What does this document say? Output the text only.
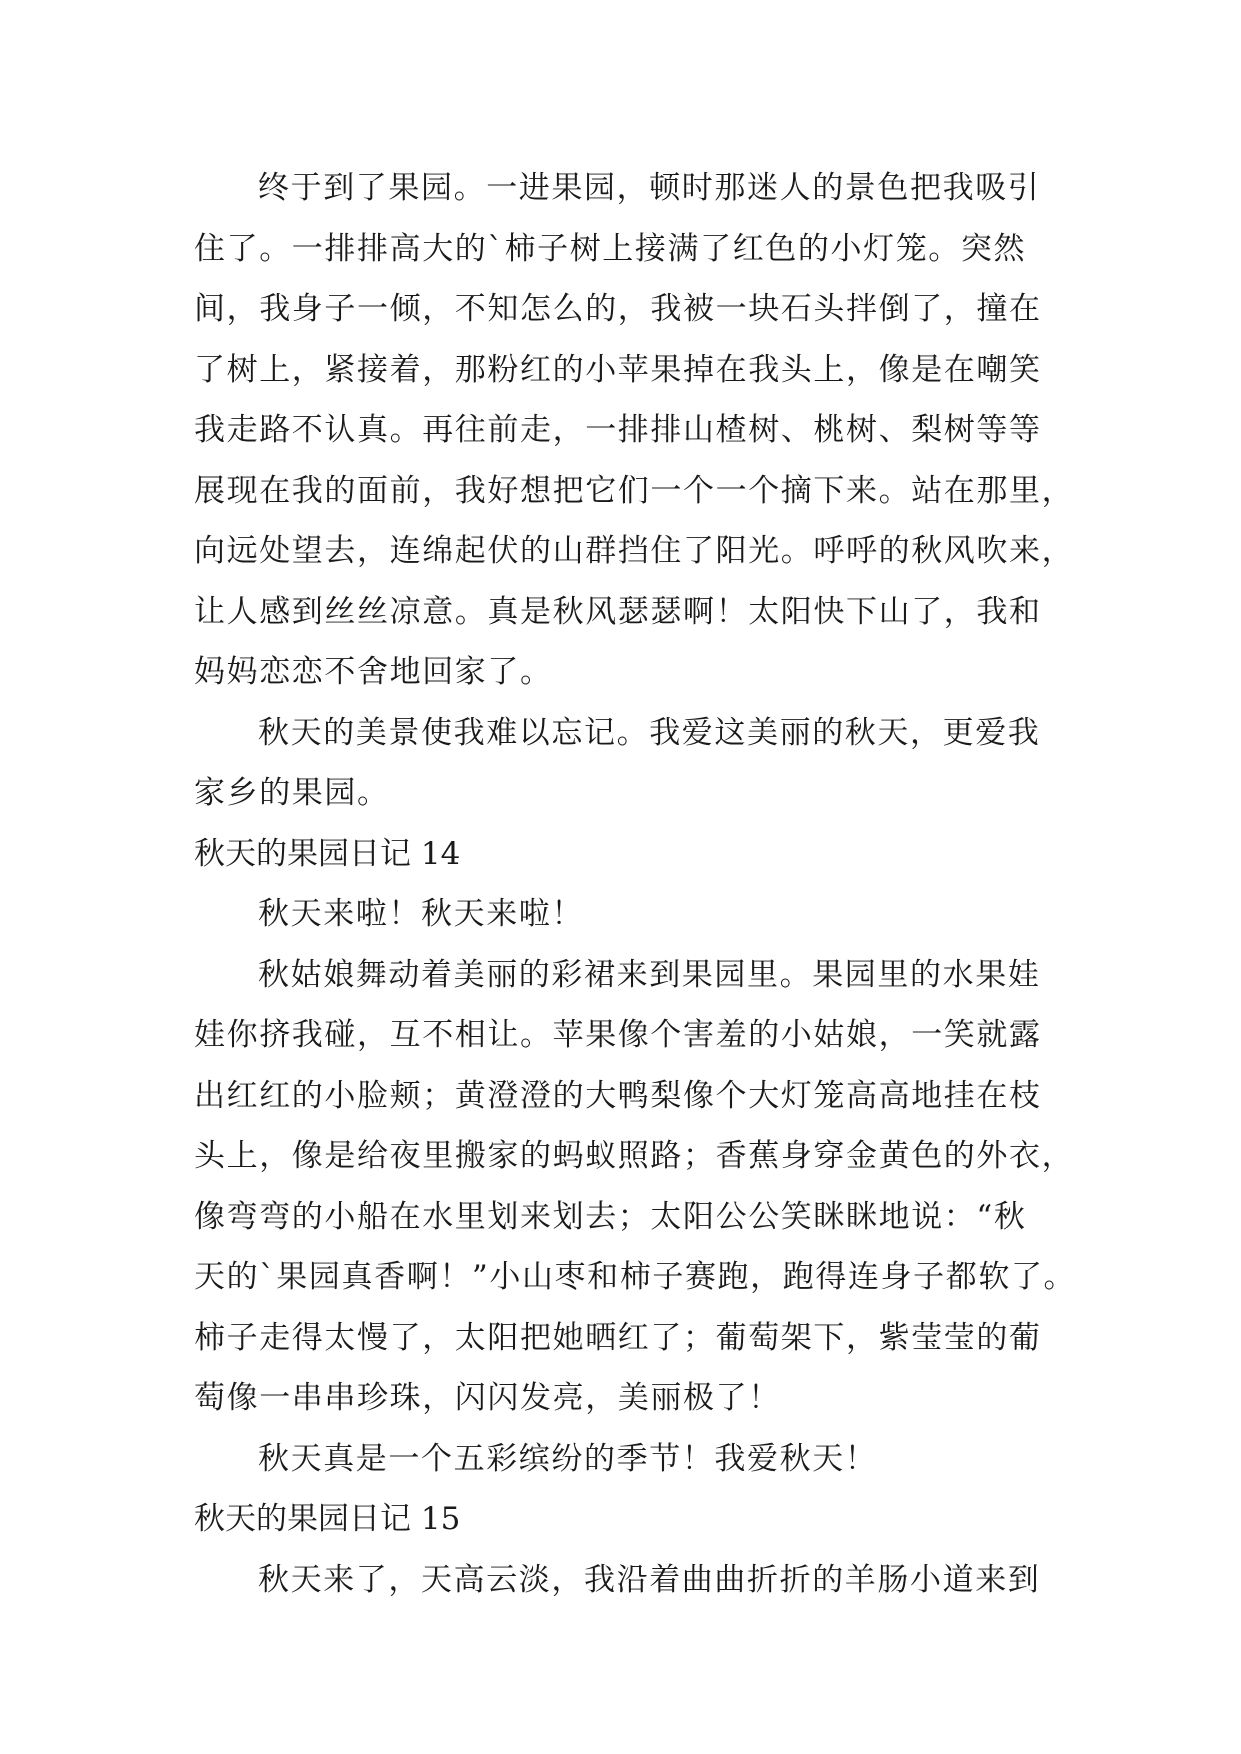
终于到了果园。一进果园，顿时那迷人的景色把我吸引
住了。一排排高大的`柿子树上接满了红色的小灯笼。突然
间，我身子一倾，不知怎么的，我被一块石头拌倒了，撞在
了树上，紧接着，那粉红的小苹果掉在我头上，像是在嘲笑
我走路不认真。再往前走，一排排山楂树、桃树、梨树等等
展现在我的面前，我好想把它们一个一个摘下来。站在那里，
向远处望去，连绵起伏的山群挡住了阳光。呼呼的秋风吹来，
让人感到丝丝凉意。真是秋风瑟瑟啊！太阳快下山了，我和
妈妈恋恋不舍地回家了。
秋天的美景使我难以忘记。我爱这美丽的秋天，更爱我
家乡的果园。
秋天的果园日记 14
秋天来啦！秋天来啦！
秋姑娘舞动着美丽的彩裙来到果园里。果园里的水果娃
娃你挤我碰，互不相让。苹果像个害羞的小姑娘，一笑就露
出红红的小脸颊；黄澄澄的大鸭梨像个大灯笼高高地挂在枝
头上，像是给夜里搬家的蚂蚁照路；香蕉身穿金黄色的外衣，
像弯弯的小船在水里划来划去；太阳公公笑眯眯地说：“秋
天的`果园真香啊！”小山枣和柿子赛跑，跑得连身子都软了。
柿子走得太慢了，太阳把她晒红了；葡萄架下，紫莹莹的葡
萄像一串串珍珠，闪闪发亮，美丽极了！
秋天真是一个五彩缤纷的季节！我爱秋天！
秋天的果园日记 15
秋天来了，天高云淡，我沿着曲曲折折的羊肠小道来到
